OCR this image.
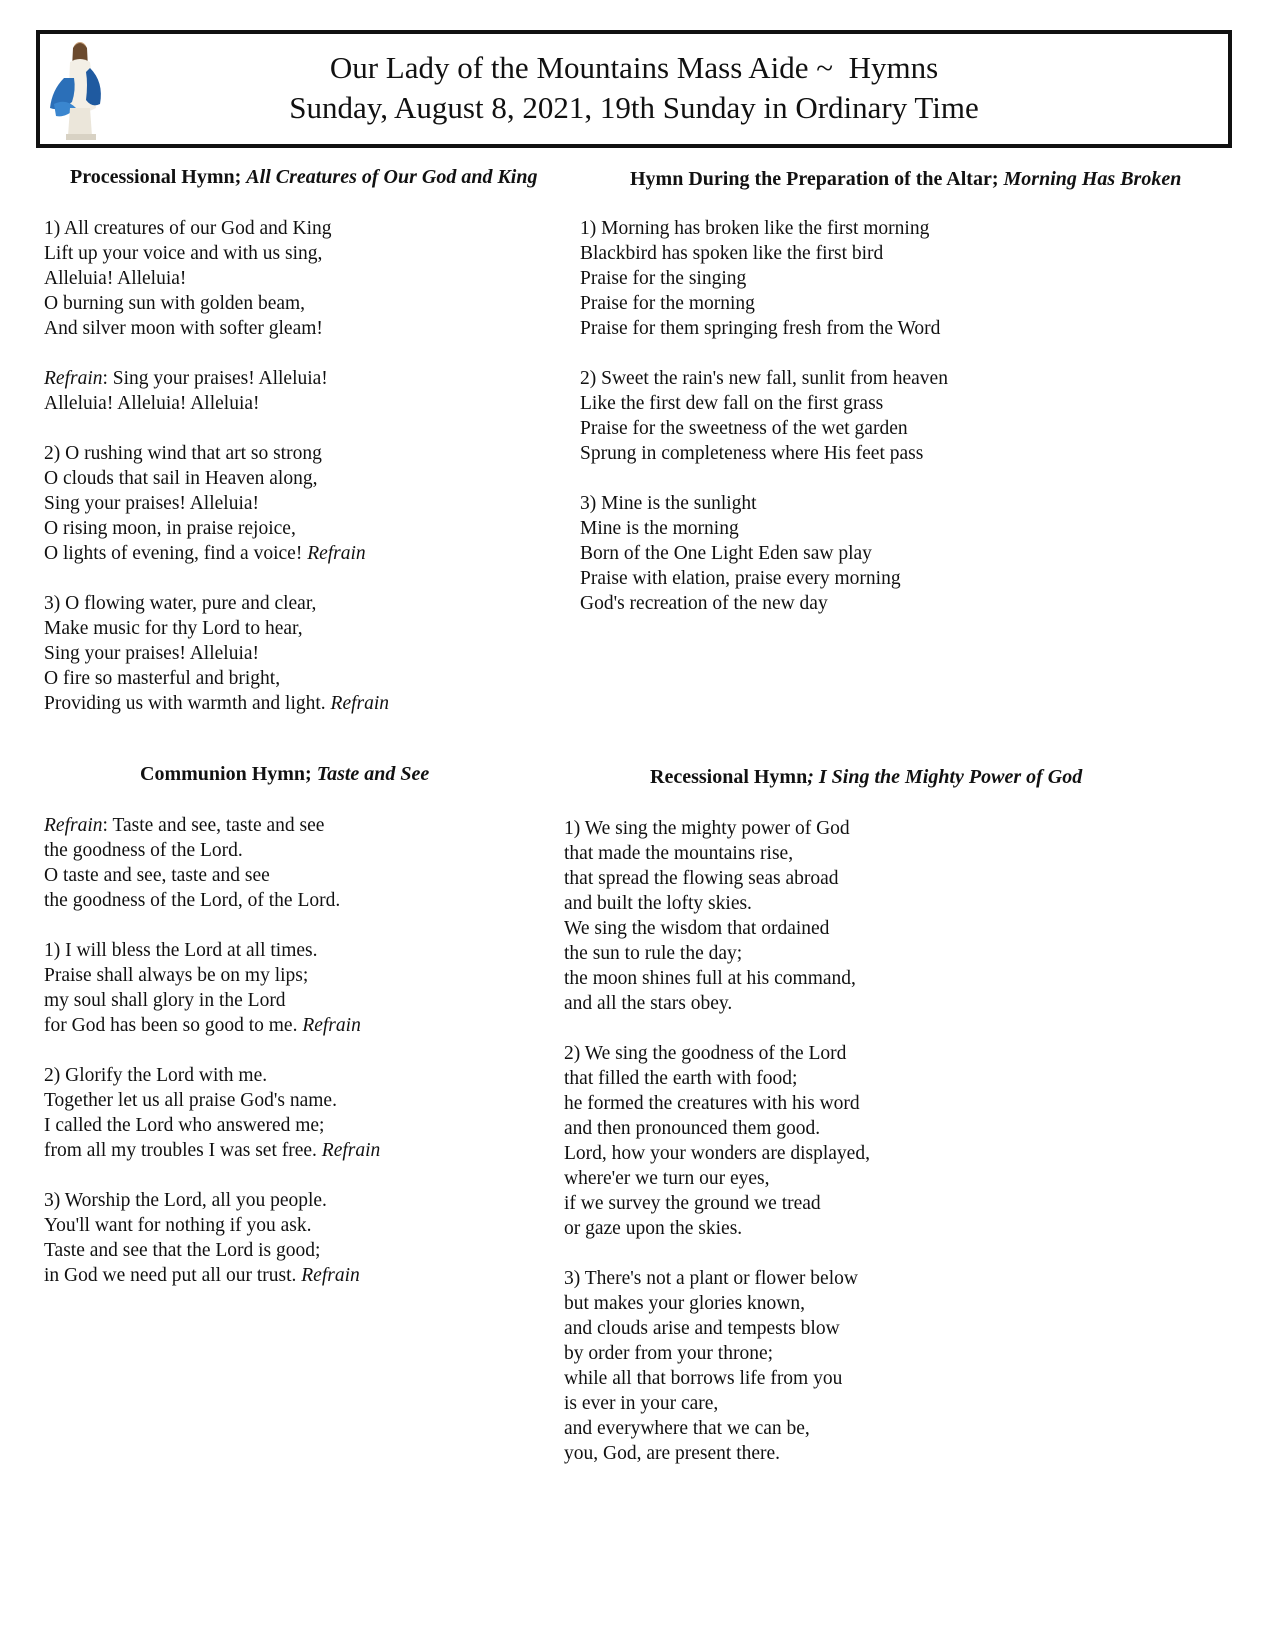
Our Lady of the Mountains Mass Aide ~  Hymns
Sunday, August 8, 2021, 19th Sunday in Ordinary Time
Processional Hymn; All Creatures of Our God and King
1) All creatures of our God and King
Lift up your voice and with us sing,
Alleluia! Alleluia!
O burning sun with golden beam,
And silver moon with softer gleam!
Refrain: Sing your praises! Alleluia!
Alleluia! Alleluia! Alleluia!
2) O rushing wind that art so strong
O clouds that sail in Heaven along,
Sing your praises! Alleluia!
O rising moon, in praise rejoice,
O lights of evening, find a voice! Refrain
3) O flowing water, pure and clear,
Make music for thy Lord to hear,
Sing your praises! Alleluia!
O fire so masterful and bright,
Providing us with warmth and light. Refrain
Hymn During the Preparation of the Altar; Morning Has Broken
1) Morning has broken like the first morning
Blackbird has spoken like the first bird
Praise for the singing
Praise for the morning
Praise for them springing fresh from the Word
2) Sweet the rain's new fall, sunlit from heaven
Like the first dew fall on the first grass
Praise for the sweetness of the wet garden
Sprung in completeness where His feet pass
3) Mine is the sunlight
Mine is the morning
Born of the One Light Eden saw play
Praise with elation, praise every morning
God's recreation of the new day
Communion Hymn; Taste and See
Refrain: Taste and see, taste and see
the goodness of the Lord.
O taste and see, taste and see
the goodness of the Lord, of the Lord.
1) I will bless the Lord at all times.
Praise shall always be on my lips;
my soul shall glory in the Lord
for God has been so good to me. Refrain
2) Glorify the Lord with me.
Together let us all praise God's name.
I called the Lord who answered me;
from all my troubles I was set free. Refrain
3) Worship the Lord, all you people.
You'll want for nothing if you ask.
Taste and see that the Lord is good;
in God we need put all our trust. Refrain
Recessional Hymn; I Sing the Mighty Power of God
1) We sing the mighty power of God
that made the mountains rise,
that spread the flowing seas abroad
and built the lofty skies.
We sing the wisdom that ordained
the sun to rule the day;
the moon shines full at his command,
and all the stars obey.
2) We sing the goodness of the Lord
that filled the earth with food;
he formed the creatures with his word
and then pronounced them good.
Lord, how your wonders are displayed,
where'er we turn our eyes,
if we survey the ground we tread
or gaze upon the skies.
3) There's not a plant or flower below
but makes your glories known,
and clouds arise and tempests blow
by order from your throne;
while all that borrows life from you
is ever in your care,
and everywhere that we can be,
you, God, are present there.
